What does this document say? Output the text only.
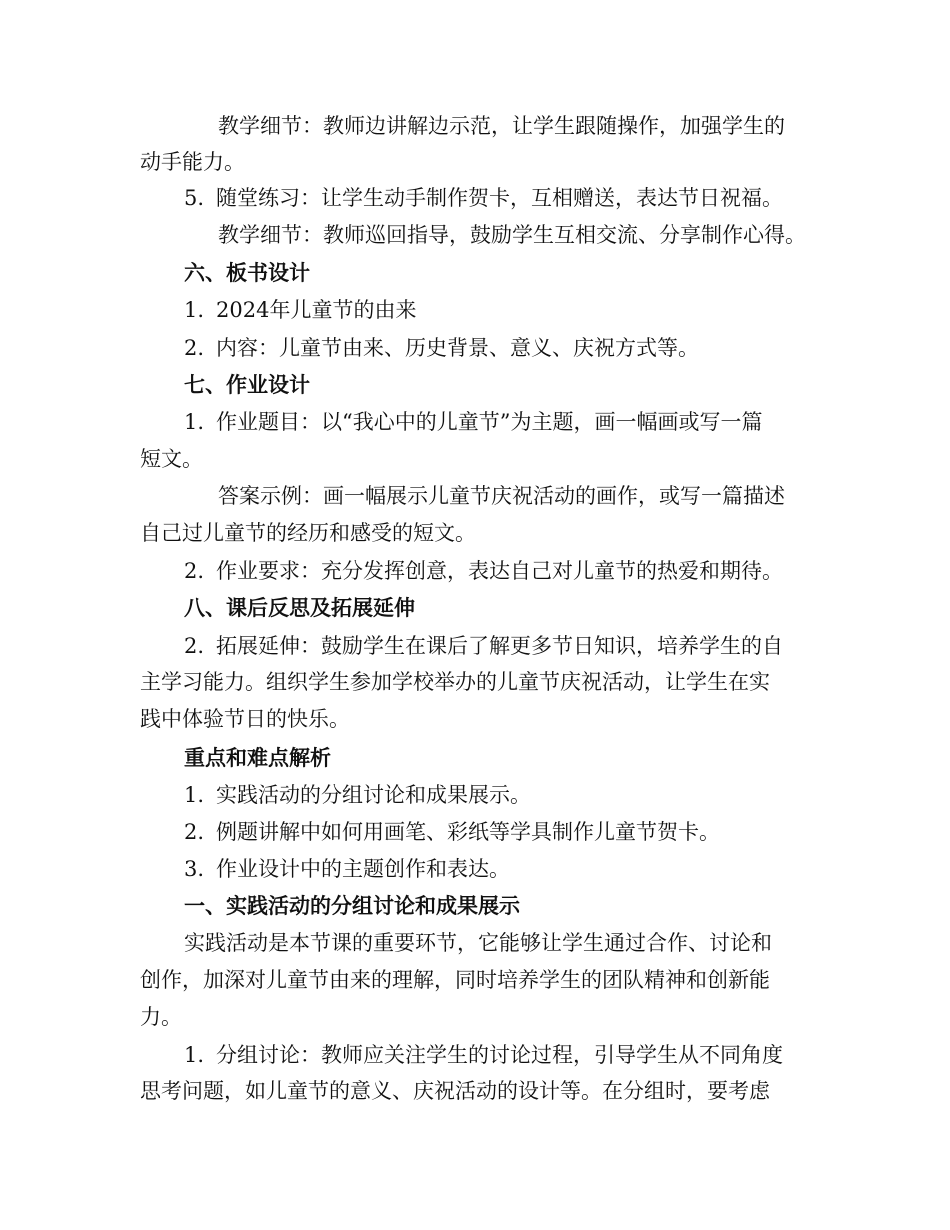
教学细节：教师边讲解边示范，让学生跟随操作，加强学生的
动手能力。
5. 随堂练习：让学生动手制作贺卡，互相赠送，表达节日祝福。
教学细节：教师巡回指导，鼓励学生互相交流、分享制作心得。
六、板书设计
1. 2024年儿童节的由来
2. 内容：儿童节由来、历史背景、意义、庆祝方式等。
七、作业设计
1. 作业题目：以“我心中的儿童节”为主题，画一幅画或写一篇
短文。
答案示例：画一幅展示儿童节庆祝活动的画作，或写一篇描述
自己过儿童节的经历和感受的短文。
2. 作业要求：充分发挥创意，表达自己对儿童节的热爱和期待。
八、课后反思及拓展延伸
2. 拓展延伸：鼓励学生在课后了解更多节日知识，培养学生的自
主学习能力。组织学生参加学校举办的儿童节庆祝活动，让学生在实
践中体验节日的快乐。
重点和难点解析
1. 实践活动的分组讨论和成果展示。
2. 例题讲解中如何用画笔、彩纸等学具制作儿童节贺卡。
3. 作业设计中的主题创作和表达。
一、实践活动的分组讨论和成果展示
实践活动是本节课的重要环节，它能够让学生通过合作、讨论和
创作，加深对儿童节由来的理解，同时培养学生的团队精神和创新能
力。
1. 分组讨论：教师应关注学生的讨论过程，引导学生从不同角度
思考问题，如儿童节的意义、庆祝活动的设计等。在分组时，要考虑
